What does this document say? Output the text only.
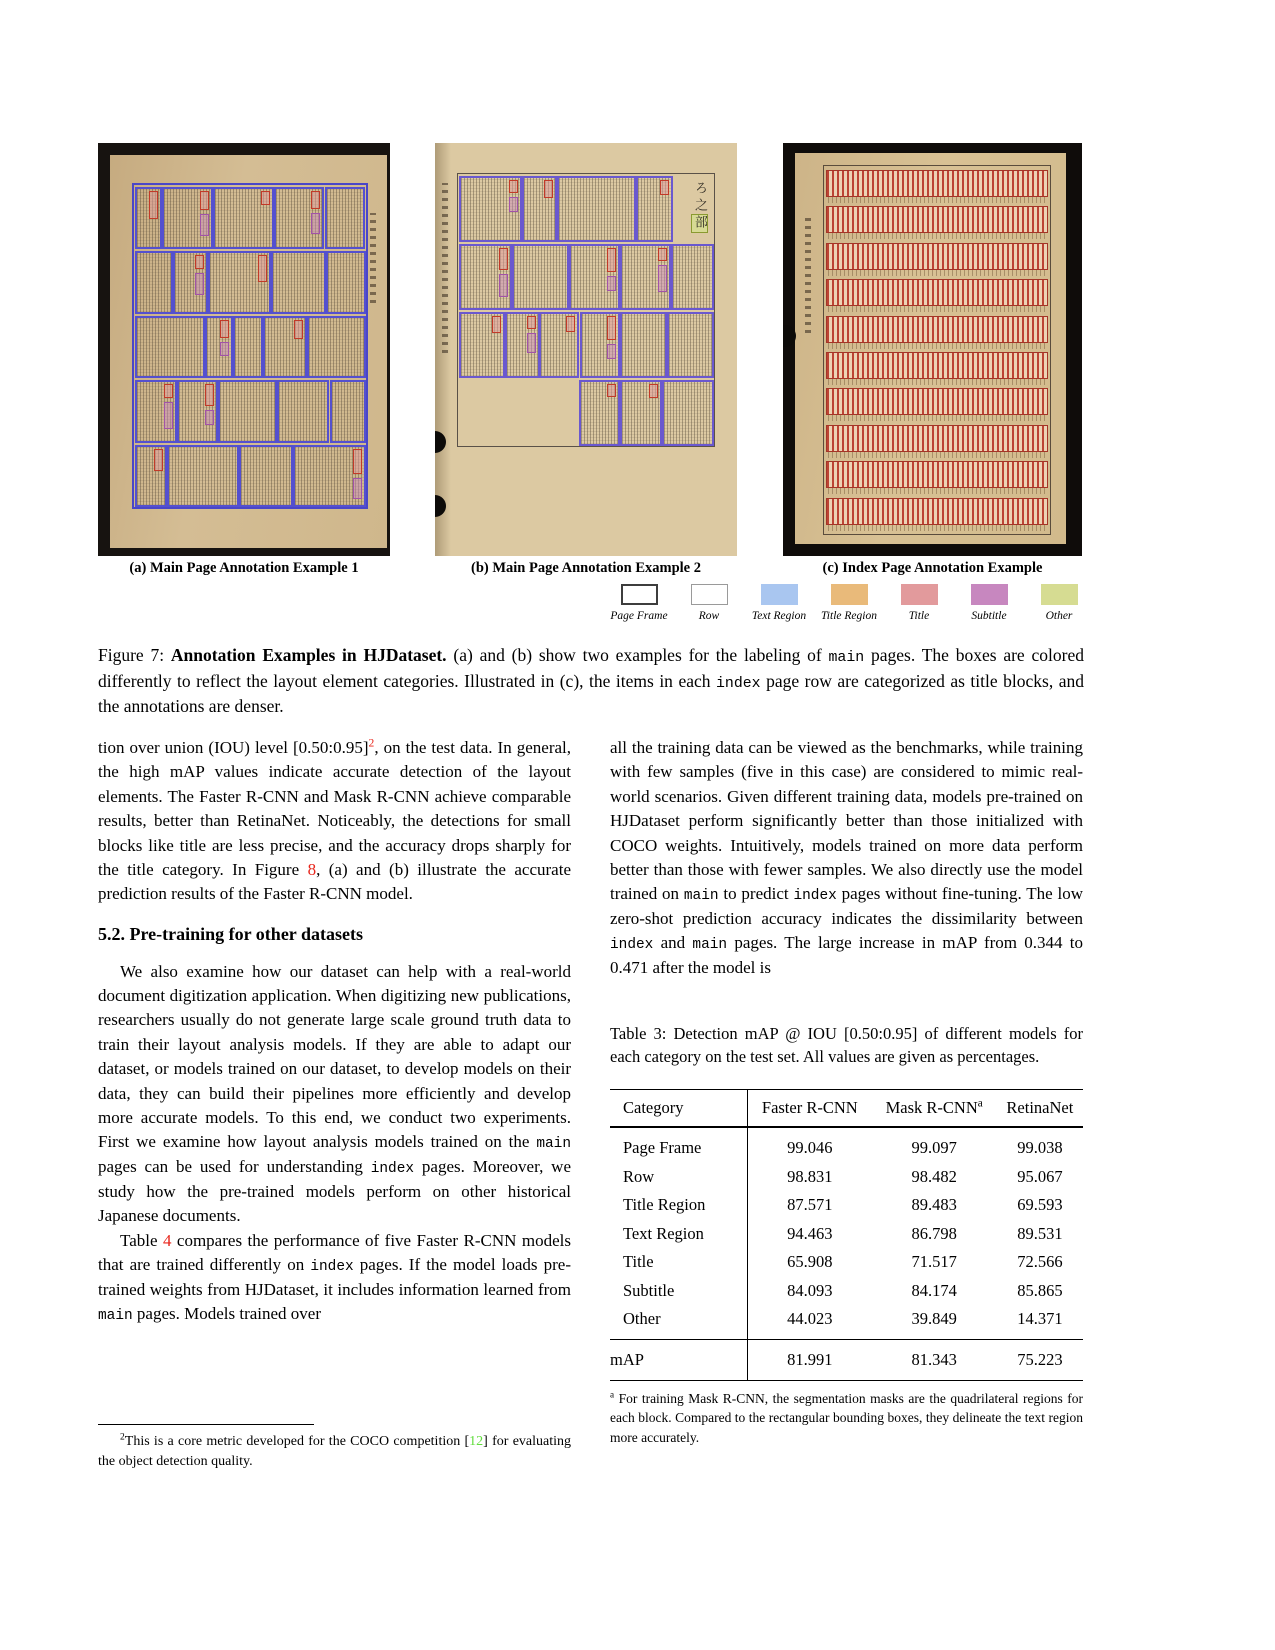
ろ之部
(a) Main Page Annotation Example 1	(b) Main Page Annotation Example 2	(c) Index Page Annotation Example
Page Frame	Row	Text Region Title Region	Title	Subtitle	Other
Figure 7: Annotation Examples in HJDataset. (a) and (b) show two examples for the labeling of main pages. The boxes are colored differently to reflect the layout element categories. Illustrated in (c), the items in each index page row are categorized as title blocks, and the annotations are denser.

tion over union (IOU) level [0.50:0.95]$^2$, on the test data. In general, the high mAP values indicate accurate detection of the layout elements. The Faster R-CNN and Mask R-CNN achieve comparable results, better than RetinaNet. Noticeably, the detections for small blocks like title are less precise, and the accuracy drops sharply for the title category. In Figure 8, (a) and (b) illustrate the accurate prediction results of the Faster R-CNN model.

5.2. Pre-training for other datasets

We also examine how our dataset can help with a real-world document digitization application. When digitizing new publications, researchers usually do not generate large scale ground truth data to train their layout analysis models. If they are able to adapt our dataset, or models trained on our dataset, to develop models on their data, they can build their pipelines more efficiently and develop more accurate models. To this end, we conduct two experiments. First we examine how layout analysis models trained on the main pages can be used for understanding index pages. Moreover, we study how the pre-trained models perform on other historical Japanese documents.

Table 4 compares the performance of five Faster R-CNN models that are trained differently on index pages. If the model loads pre-trained weights from HJDataset, it includes information learned from main pages. Models trained over

$^2$This is a core metric developed for the COCO competition [12] for evaluating the object detection quality.

all the training data can be viewed as the benchmarks, while training with few samples (five in this case) are considered to mimic real-world scenarios. Given different training data, models pre-trained on HJDataset perform significantly better than those initialized with COCO weights. Intuitively, models trained on more data perform better than those with fewer samples. We also directly use the model trained on main to predict index pages without fine-tuning. The low zero-shot prediction accuracy indicates the dissimilarity between index and main pages. The large increase in mAP from 0.344 to 0.471 after the model is

Table 3: Detection mAP @ IOU [0.50:0.95] of different models for each category on the test set. All values are given as percentages.
Category	Faster R-CNN	Mask R-CNN$^a$	RetinaNet
Page Frame	99.046	99.097	99.038
Row	98.831	98.482	95.067
Title Region	87.571	89.483	69.593
Text Region	94.463	86.798	89.531
Title	65.908	71.517	72.566
Subtitle	84.093	84.174	85.865
Other	44.023	39.849	14.371
mAP	81.991	81.343	75.223
$^a$ For training Mask R-CNN, the segmentation masks are the quadrilateral regions for each block. Compared to the rectangular bounding boxes, they delineate the text region more accurately.
